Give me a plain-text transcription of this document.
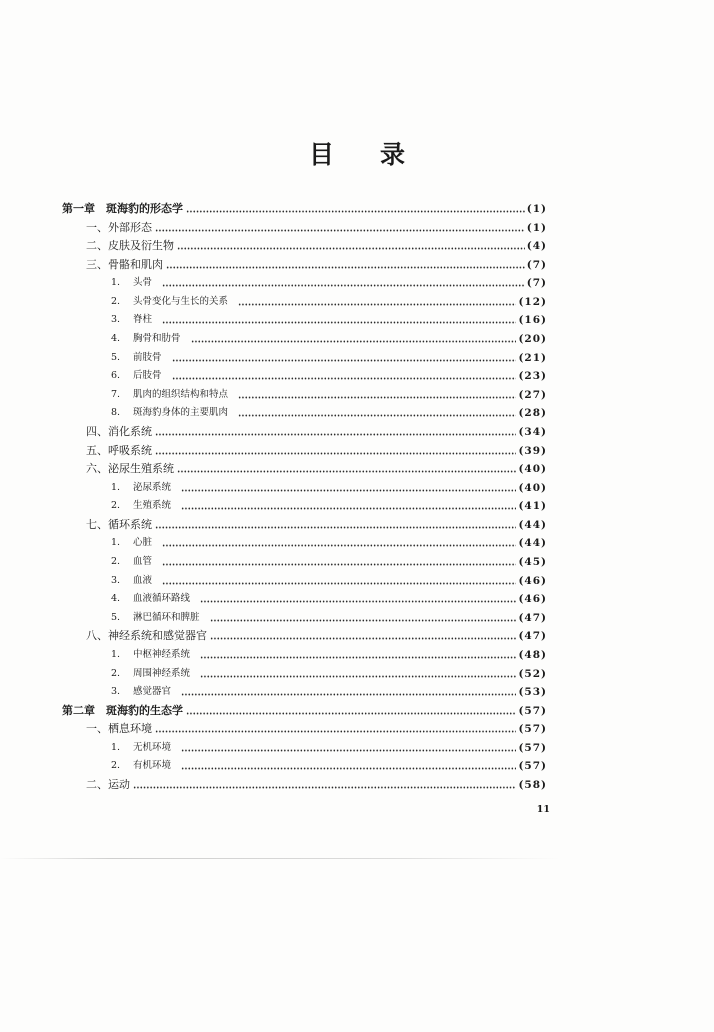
目录
第一章	斑海豹的形态学	(1)
一、外部形态	(1)
二、皮肤及衍生物	(4)
三、骨骼和肌肉	(7)
1.	头骨	(7)
2.	头骨变化与生长的关系	(12)
3.	脊柱	(16)
4.	胸骨和肋骨	(20)
5.	前肢骨	(21)
6.	后肢骨	(23)
7.	肌肉的组织结构和特点	(27)
8.	斑海豹身体的主要肌肉	(28)
四、消化系统	(34)
五、呼吸系统	(39)
六、泌尿生殖系统	(40)
1.	泌尿系统	(40)
2.	生殖系统	(41)
七、循环系统	(44)
1.	心脏	(44)
2.	血管	(45)
3.	血液	(46)
4.	血液循环路线	(46)
5.	淋巴循环和脾脏	(47)
八、神经系统和感觉器官	(47)
1.	中枢神经系统	(48)
2.	周围神经系统	(52)
3.	感觉器官	(53)
第二章	斑海豹的生态学	(57)
一、栖息环境	(57)
1.	无机环境	(57)
2.	有机环境	(57)
二、运动	(58)
11
